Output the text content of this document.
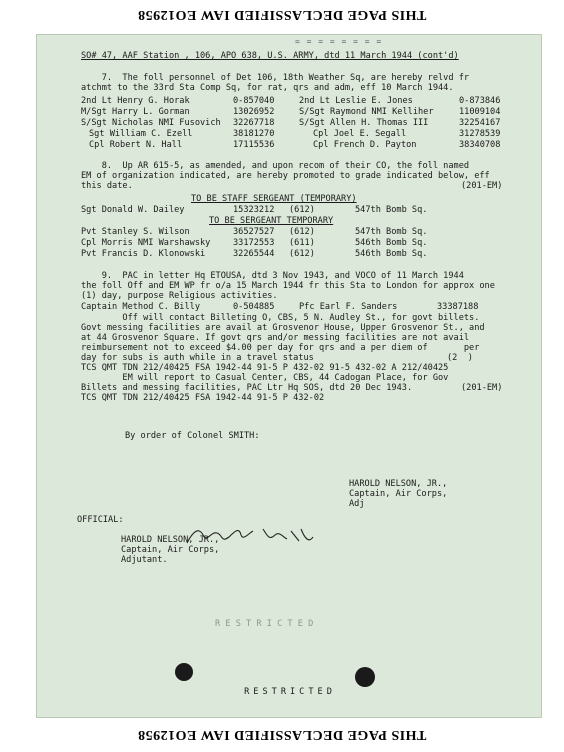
THIS PAGE DECLASSIFIED IAW EO12958
= = = = = = = =
SO# 47, AAF Station , 106, APO 638, U.S. ARMY, dtd 11 March 1944 (cont'd)
7.  The foll personnel of Det 106, 18th Weather Sq, are hereby relvd fr
atchmt to the 33rd Sta Comp Sq, for rat, qrs and adm, eff 10 March 1944.
2nd Lt Henry G. Horak	0-857040	2nd Lt Leslie E. Jones	0-873846
M/Sgt Harry L. Gorman	13026952	S/Sgt Raymond NMI Kelliher	11009104
S/Sgt Nicholas NMI Fusovich 32267718	S/Sgt Allen H. Thomas III	32254167
Sgt William C. Ezell	38181270	Cpl Joel E. Segall	31278539
Cpl Robert N. Hall	17115536	Cpl French D. Payton	38340708
8.  Up AR 615-5, as amended, and upon recom of their CO, the foll named
EM of organization indicated, are hereby promoted to grade indicated below, eff
this date.	(201-EM)
TO BE STAFF SERGEANT (TEMPORARY)
Sgt Donald W. Dailey	15323212 (612)	547th Bomb Sq.
TO BE SERGEANT TEMPORARY
Pvt Stanley S. Wilson	36527527 (612)	547th Bomb Sq.
Cpl Morris NMI Warshawsky	33172553 (611)	546th Bomb Sq.
Pvt Francis D. Klonowski	32265544 (612)	546th Bomb Sq.
9.  PAC in letter Hq ETOUSA, dtd 3 Nov 1943, and VOCO of 11 March 1944
the foll Off and EM WP fr o/a 15 March 1944 fr this Sta to London for approx one
(1) day, purpose Religious activities.
Captain Method C. Billy	0-504885	Pfc Earl F. Sanders	33387188
Off will contact Billeting O, CBS, 5 N. Audley St., for govt billets.
Govt messing facilities are avail at Grosvenor House, Upper Grosvenor St., and
at 44 Grosvenor Square. If govt qrs and/or messing facilities are not avail
reimbursement not to exceed $4.00 per day for qrs and a per diem of       per
day for subs is auth while in a travel status	(2  )
TCS QMT TDN 212/40425 FSA 1942-44 91-5 P 432-02 91-5 432-02 A 212/40425
EM will report to Casual Center, CBS, 44 Cadogan Place, for Gov
Billets and messing facilities, PAC Ltr Hq SOS, dtd 20 Dec 1943.	(201-EM)
TCS QMT TDN 212/40425 FSA 1942-44 91-5 P 432-02
By order of Colonel SMITH:
HAROLD NELSON, JR.,
Captain, Air Corps,
Adj
OFFICIAL:
HAROLD NELSON, JR.,
Captain, Air Corps,
Adjutant.
R E S T R I C T E D
RESTRICTED
THIS PAGE DECLASSIFIED IAW EO12958
